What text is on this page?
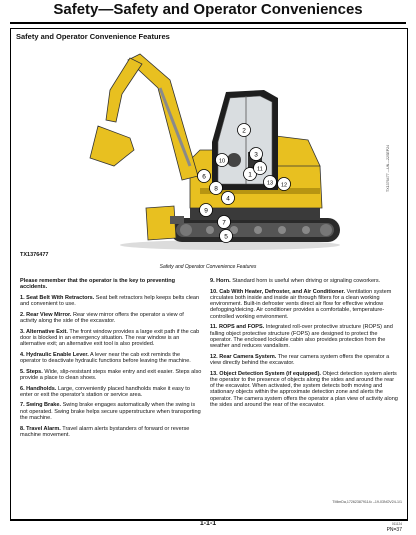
Safety—Safety and Operator Conveniences
Safety and Operator Convenience Features
1
2
3
4
5
6
7
8
9
10
11
12
13	TX1376477 —UN—22SEP24
TX1376477
Safety and Operator Convenience Features
Please remember that the operator is the key to preventing accidents.
1. Seat Belt With Retractors. Seat belt retractors help keeps belts clean and convenient to use.
2. Rear View Mirror. Rear view mirror offers the operator a view of activity along the side of the excavator.
3. Alternative Exit. The front window provides a large exit path if the cab door is blocked in an emergency situation. The rear window is an alternative exit; an alternative exit tool is also provided.
4. Hydraulic Enable Lever. A lever near the cab exit reminds the operator to deactivate hydraulic functions before leaving the machine.
5. Steps. Wide, slip-resistant steps make entry and exit easier. Steps also provide a place to clean shoes.
6. Handholds. Large, conveniently placed handholds make it easy to enter or exit the operator's station or service area.
7. Swing Brake. Swing brake engages automatically when the swing is not operated. Swing brake helps secure upperstructure when transporting the machine.
8. Travel Alarm. Travel alarm alerts bystanders of forward or reverse machine movement.
9. Horn. Standard horn is useful when driving or signaling coworkers.
10. Cab With Heater, Defroster, and Air Conditioner. Ventilation system circulates both inside and inside air through filters for a clean working environment. Built-in defroster vents direct air flow for effective window defogging/deicing. Air conditioner provides a comfortable, temperature-controlled working environment.
11. ROPS and FOPS. Integrated roll-over protective structure (ROPS) and falling object protective structure (FOPS) are designed to protect the operator. The enclosed lockable cabin also provides protection from the weather and reduces vandalism.
12. Rear Camera System. The rear camera system offers the operator a view directly behind the excavator.
13. Object Detection System (if equipped). Object detection system alerts the operator to the presence of objects along the sides and around the rear of the excavator. When activated, the system detects both moving and stationary objects within the approximate detection zone and alerts the operator. The camera system offers the operator a plan view of activity along the sides and around the rear of the excavator.
TMlmDa,172623879114• –19-03NOV24-1/1
1-1-1	011124
PN=37
